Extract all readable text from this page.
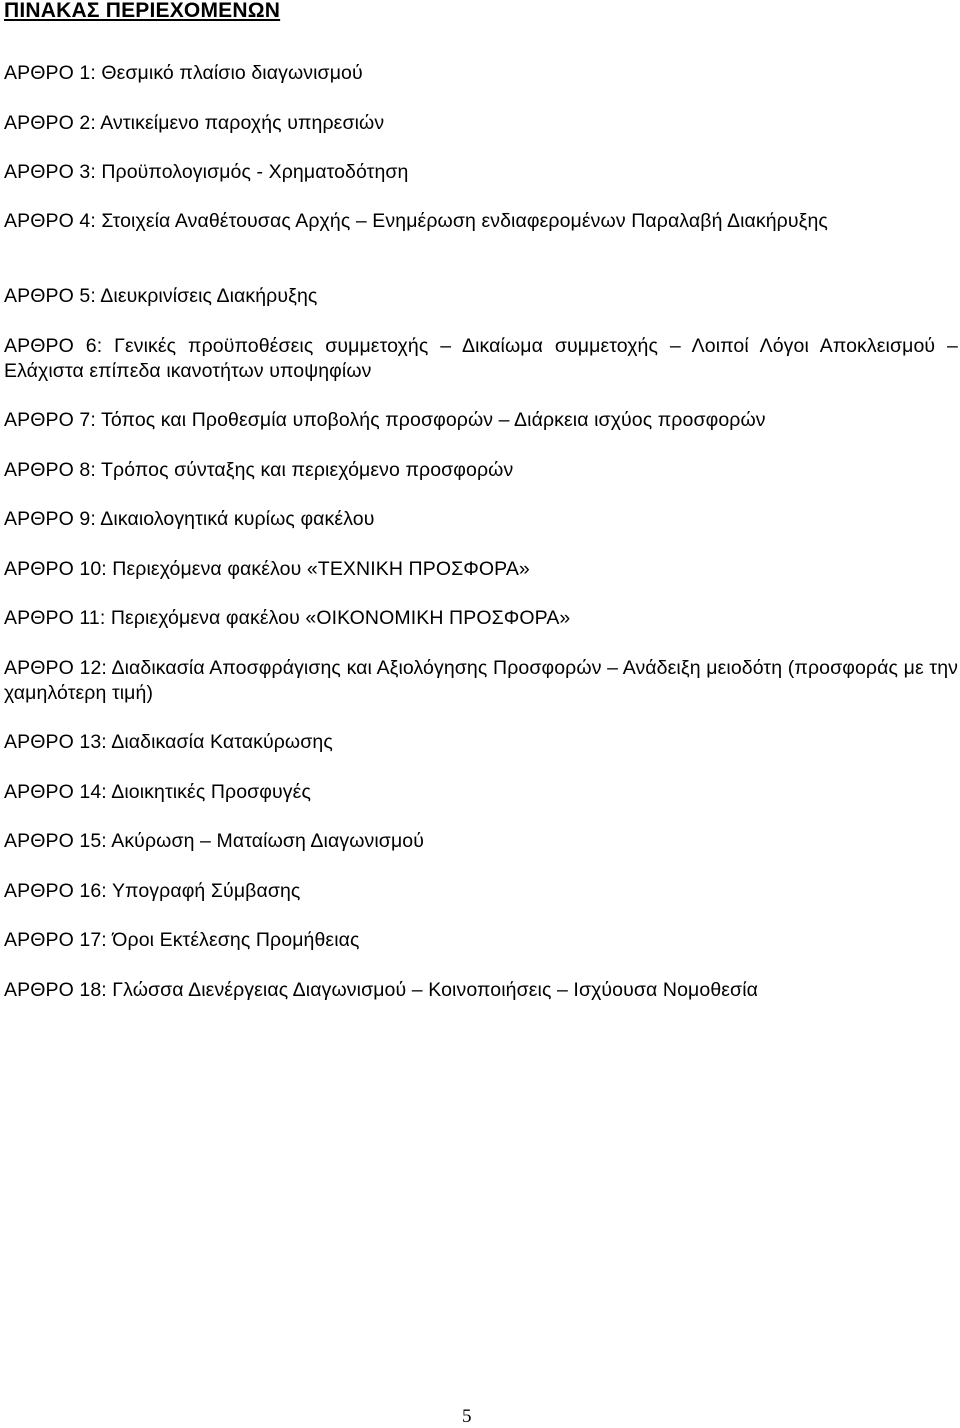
ΠΙΝΑΚΑΣ ΠΕΡΙΕΧΟΜΕΝΩΝ
ΑΡΘΡΟ 1: Θεσμικό πλαίσιο διαγωνισμού
ΑΡΘΡΟ 2: Αντικείμενο παροχής υπηρεσιών
ΑΡΘΡΟ 3: Προϋπολογισμός - Χρηματοδότηση
ΑΡΘΡΟ 4: Στοιχεία Αναθέτουσας Αρχής – Ενημέρωση ενδιαφερομένων Παραλαβή Διακήρυξης
ΑΡΘΡΟ 5: Διευκρινίσεις Διακήρυξης
ΑΡΘΡΟ 6: Γενικές προϋποθέσεις συμμετοχής – Δικαίωμα συμμετοχής – Λοιποί Λόγοι Αποκλεισμού – Ελάχιστα επίπεδα ικανοτήτων υποψηφίων
ΑΡΘΡΟ 7: Τόπος και Προθεσμία υποβολής προσφορών – Διάρκεια ισχύος προσφορών
ΑΡΘΡΟ 8: Τρόπος σύνταξης και περιεχόμενο προσφορών
ΑΡΘΡΟ 9: Δικαιολογητικά κυρίως φακέλου
ΑΡΘΡΟ 10: Περιεχόμενα φακέλου «ΤΕΧΝΙΚΗ ΠΡΟΣΦΟΡΑ»
ΑΡΘΡΟ 11: Περιεχόμενα φακέλου «ΟΙΚΟΝΟΜΙΚΗ ΠΡΟΣΦΟΡΑ»
ΑΡΘΡΟ 12: Διαδικασία Αποσφράγισης και Αξιολόγησης Προσφορών – Ανάδειξη μειοδότη (προσφοράς με την χαμηλότερη τιμή)
ΑΡΘΡΟ 13: Διαδικασία Κατακύρωσης
ΑΡΘΡΟ 14: Διοικητικές Προσφυγές
ΑΡΘΡΟ 15: Ακύρωση – Ματαίωση Διαγωνισμού
ΑΡΘΡΟ 16: Υπογραφή Σύμβασης
ΑΡΘΡΟ 17: Όροι Εκτέλεσης Προμήθειας
ΑΡΘΡΟ 18: Γλώσσα Διενέργειας Διαγωνισμού – Κοινοποιήσεις – Ισχύουσα Νομοθεσία
5
